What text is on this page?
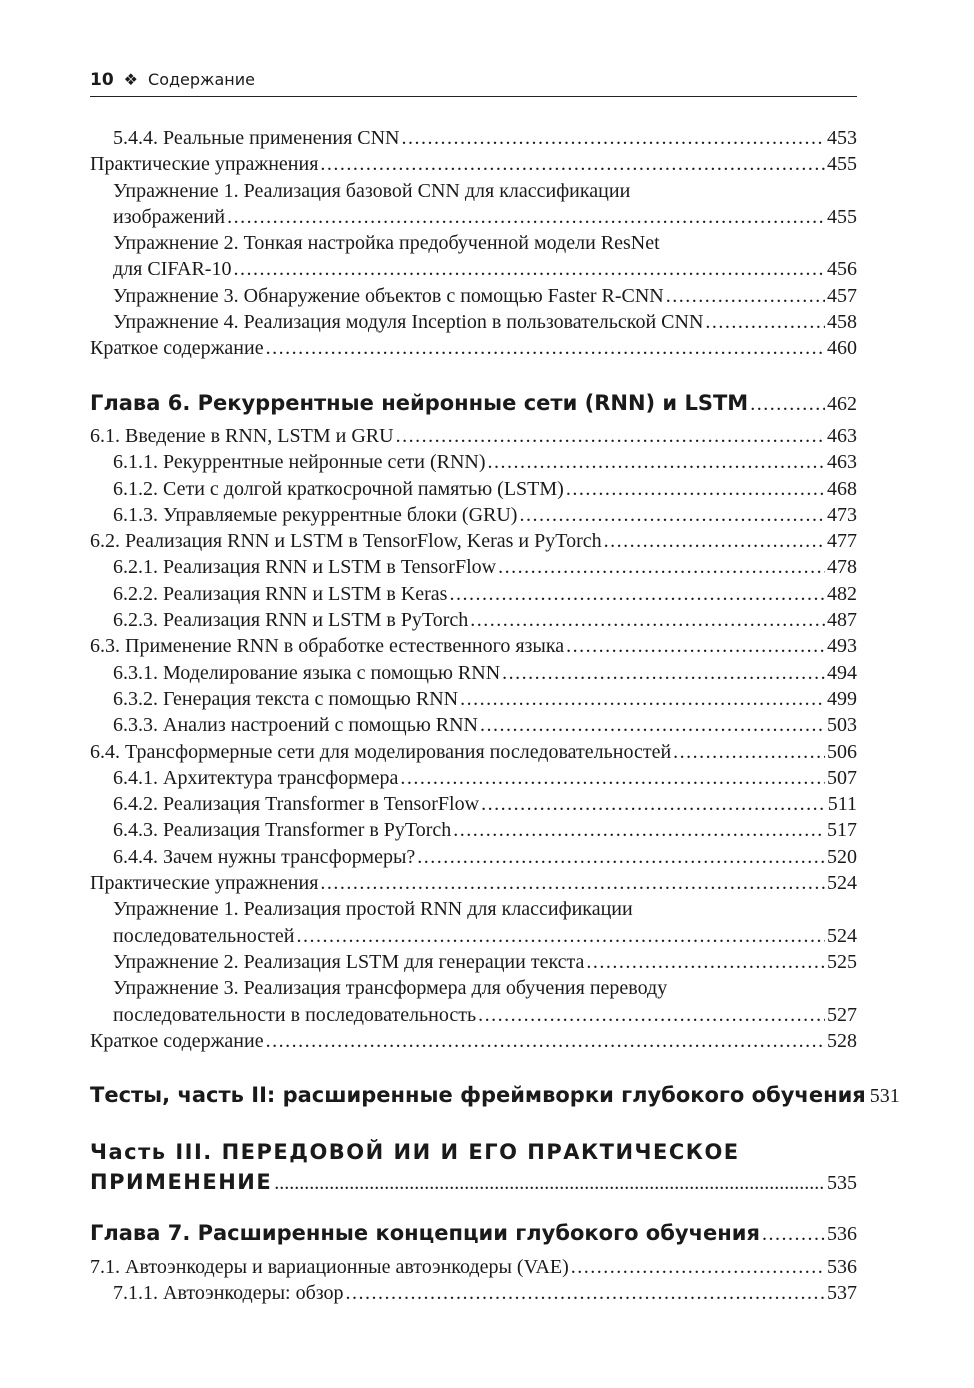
10 ❖ Содержание
5.4.4. Реальные применения CNN .....	453
Практические упражнения .....	455
Упражнение 1. Реализация базовой CNN для классификации
изображений .....	455
Упражнение 2. Тонкая настройка предобученной модели ResNet
для CIFAR-10 .....	456
Упражнение 3. Обнаружение объектов с помощью Faster R-CNN .....	457
Упражнение 4. Реализация модуля Inception в пользовательской CNN .....	458
Краткое содержание .....	460
Глава 6. Рекуррентные нейронные сети (RNN) и LSTM .....	462
6.1. Введение в RNN, LSTM и GRU .....	463
6.1.1. Рекуррентные нейронные сети (RNN) .....	463
6.1.2. Сети с долгой краткосрочной памятью (LSTM) .....	468
6.1.3. Управляемые рекуррентные блоки (GRU) .....	473
6.2. Реализация RNN и LSTM в TensorFlow, Keras и PyTorch .....	477
6.2.1. Реализация RNN и LSTM в TensorFlow .....	478
6.2.2. Реализация RNN и LSTM в Keras .....	482
6.2.3. Реализация RNN и LSTM в PyTorch .....	487
6.3. Применение RNN в обработке естественного языка .....	493
6.3.1. Моделирование языка с помощью RNN .....	494
6.3.2. Генерация текста с помощью RNN .....	499
6.3.3. Анализ настроений с помощью RNN .....	503
6.4. Трансформерные сети для моделирования последовательностей .....	506
6.4.1. Архитектура трансформера .....	507
6.4.2. Реализация Transformer в TensorFlow .....	511
6.4.3. Реализация Transformer в PyTorch .....	517
6.4.4. Зачем нужны трансформеры? .....	520
Практические упражнения .....	524
Упражнение 1. Реализация простой RNN для классификации
последовательностей .....	524
Упражнение 2. Реализация LSTM для генерации текста .....	525
Упражнение 3. Реализация трансформера для обучения переводу
последовательности в последовательность .....	527
Краткое содержание .....	528
Тесты, часть II: расширенные фреймворки глубокого обучения 531
Часть III. ПЕРЕДОВОЙ ИИ И ЕГО ПРАКТИЧЕСКОЕ
ПРИМЕНЕНИЕ .....	535
Глава 7. Расширенные концепции глубокого обучения .....	536
7.1. Автоэнкодеры и вариационные автоэнкодеры (VAE) .....	536
7.1.1. Автоэнкодеры: обзор .....	537
